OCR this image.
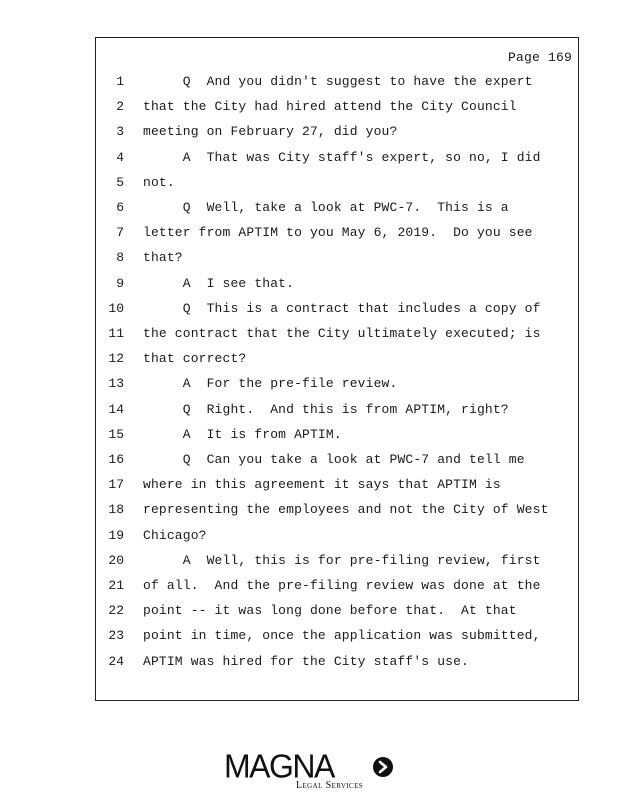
Page 169
1 Q  And you didn't suggest to have the expert
2 that the City had hired attend the City Council
3 meeting on February 27, did you?
4 A  That was City staff's expert, so no, I did
5 not.
6 Q  Well, take a look at PWC-7.  This is a
7 letter from APTIM to you May 6, 2019.  Do you see
8 that?
9 A  I see that.
10 Q  This is a contract that includes a copy of
11 the contract that the City ultimately executed; is
12 that correct?
13 A  For the pre-file review.
14 Q  Right.  And this is from APTIM, right?
15 A  It is from APTIM.
16 Q  Can you take a look at PWC-7 and tell me
17 where in this agreement it says that APTIM is
18 representing the employees and not the City of West
19 Chicago?
20 A  Well, this is for pre-filing review, first
21 of all.  And the pre-filing review was done at the
22 point -- it was long done before that.  At that
23 point in time, once the application was submitted,
24 APTIM was hired for the City staff's use.
MAGNA
Legal Services
